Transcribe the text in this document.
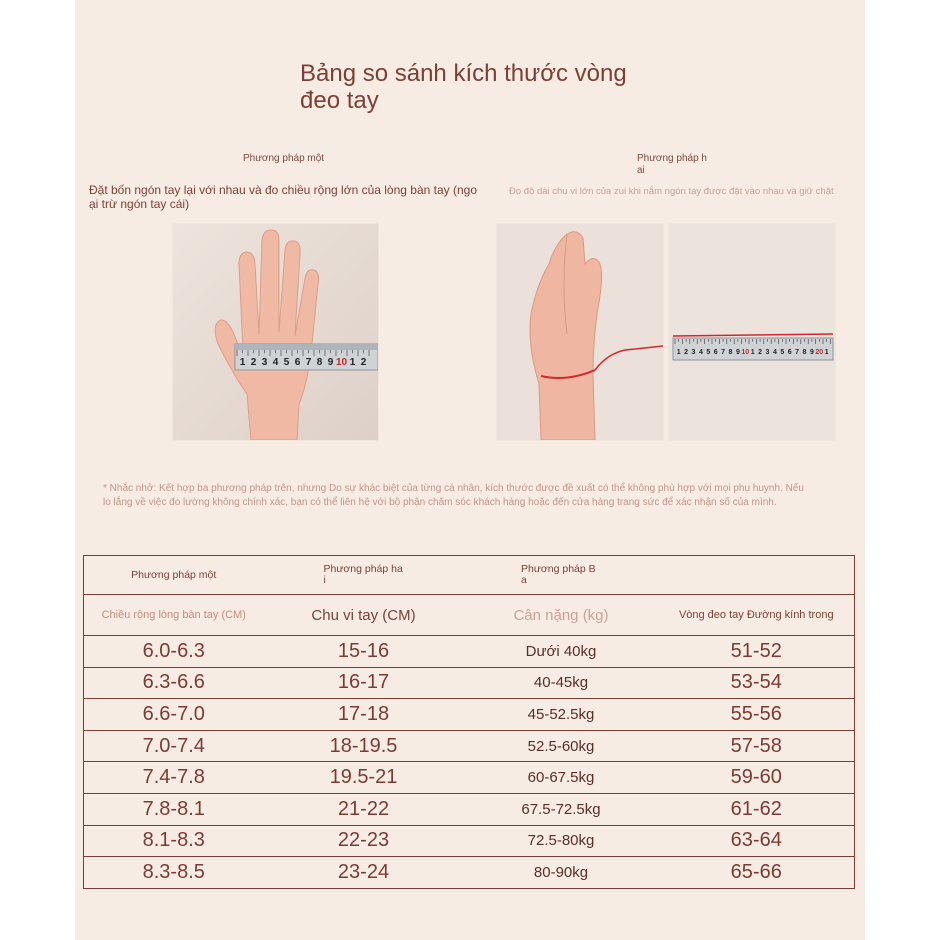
Bảng so sánh kích thước vòng đeo tay
Phương pháp một	Phương pháp hai
Đặt bốn ngón tay lại với nhau và đo chiều rộng lớn của lòng bàn tay (ngoại trừ ngón tay cái)
Đo độ dài chu vi lớn của zui khi nắm ngón tay được đặt vào nhau và giữ chặt
1 2 3 4 5 6 7 8 9 10 1 2
1 2 3 4 5 6 7 8 9 10 1 2 3 4 5 6 7 8 9 20 1
* Nhắc nhở: Kết hợp ba phương pháp trên, nhưng Do sự khác biệt của từng cá nhân, kích thước được đề xuất có thể không phù hợp với mọi phụ huynh. Nếu lo lắng về việc đo lường không chính xác, bạn có thể liên hệ với bộ phận chăm sóc khách hàng hoặc đến cửa hàng trang sức để xác nhận số của mình.
Phương pháp một	Phương pháp hai	Phương pháp Ba	
Chiều rộng lòng bàn tay (CM)	Chu vi tay (CM)	Cân nặng (kg)	Vòng đeo tay Đường kính trong
6.0-6.3	15-16	Dưới 40kg	51-52
6.3-6.6	16-17	40-45kg	53-54
6.6-7.0	17-18	45-52.5kg	55-56
7.0-7.4	18-19.5	52.5-60kg	57-58
7.4-7.8	19.5-21	60-67.5kg	59-60
7.8-8.1	21-22	67.5-72.5kg	61-62
8.1-8.3	22-23	72.5-80kg	63-64
8.3-8.5	23-24	80-90kg	65-66
